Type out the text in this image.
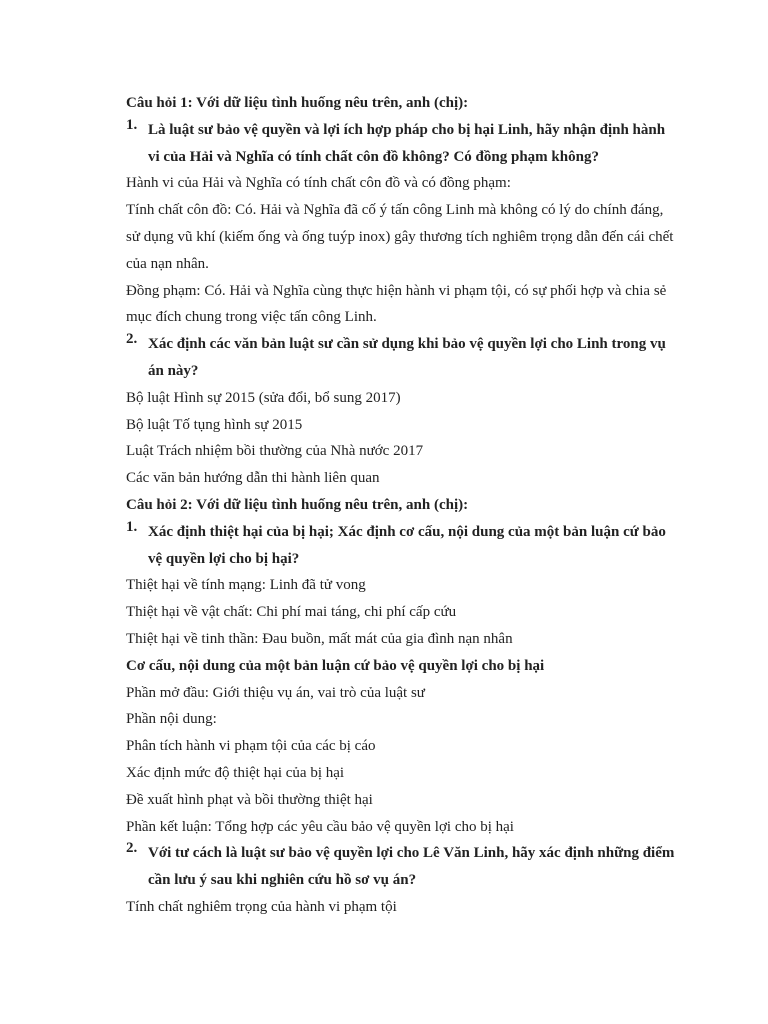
Câu hỏi 1: Với dữ liệu tình huống nêu trên, anh (chị):
1. Là luật sư bảo vệ quyền và lợi ích hợp pháp cho bị hại Linh, hãy nhận định hành
vi của Hải và Nghĩa có tính chất côn đồ không? Có đồng phạm không?
Hành vi của Hải và Nghĩa có tính chất côn đồ và có đồng phạm:
Tính chất côn đồ: Có. Hải và Nghĩa đã cố ý tấn công Linh mà không có lý do chính đáng,
sử dụng vũ khí (kiếm ống và ống tuýp inox) gây thương tích nghiêm trọng dẫn đến cái chết
của nạn nhân.
Đồng phạm: Có. Hải và Nghĩa cùng thực hiện hành vi phạm tội, có sự phối hợp và chia sẻ
mục đích chung trong việc tấn công Linh.
2. Xác định các văn bản luật sư cần sử dụng khi bảo vệ quyền lợi cho Linh trong vụ
án này?
Bộ luật Hình sự 2015 (sửa đổi, bổ sung 2017)
Bộ luật Tố tụng hình sự 2015
Luật Trách nhiệm bồi thường của Nhà nước 2017
Các văn bản hướng dẫn thi hành liên quan
Câu hỏi 2: Với dữ liệu tình huống nêu trên, anh (chị):
1. Xác định thiệt hại của bị hại; Xác định cơ cấu, nội dung của một bản luận cứ bảo
vệ quyền lợi cho bị hại?
Thiệt hại về tính mạng: Linh đã tử vong
Thiệt hại về vật chất: Chi phí mai táng, chi phí cấp cứu
Thiệt hại về tinh thần: Đau buồn, mất mát của gia đình nạn nhân
Cơ cấu, nội dung của một bản luận cứ bảo vệ quyền lợi cho bị hại
Phần mở đầu: Giới thiệu vụ án, vai trò của luật sư
Phần nội dung:
Phân tích hành vi phạm tội của các bị cáo
Xác định mức độ thiệt hại của bị hại
Đề xuất hình phạt và bồi thường thiệt hại
Phần kết luận: Tổng hợp các yêu cầu bảo vệ quyền lợi cho bị hại
2. Với tư cách là luật sư bảo vệ quyền lợi cho Lê Văn Linh, hãy xác định những điểm
cần lưu ý sau khi nghiên cứu hồ sơ vụ án?
Tính chất nghiêm trọng của hành vi phạm tội
